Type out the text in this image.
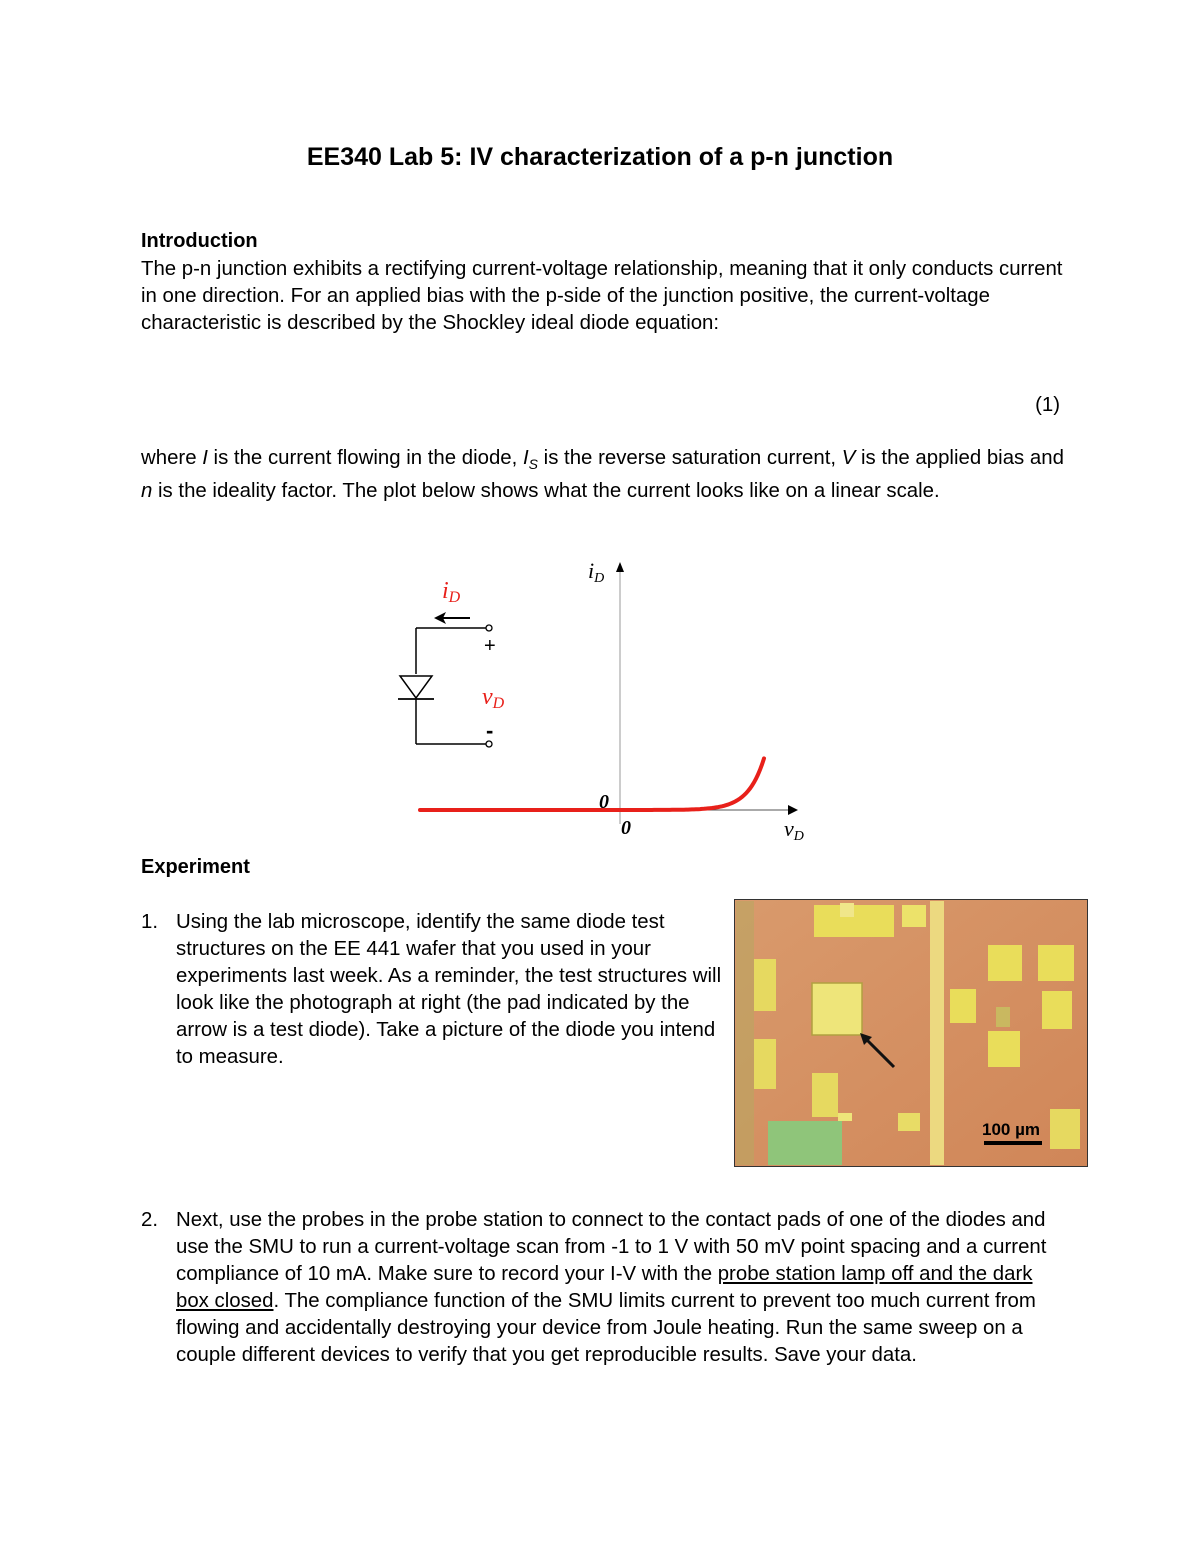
EE340 Lab 5: IV characterization of a p-n junction
Introduction

The p-n junction exhibits a rectifying current-voltage relationship, meaning that it only conducts current in one direction. For an applied bias with the p-side of the junction positive, the current-voltage characteristic is described by the Shockley ideal diode equation:

(1)

where I is the current flowing in the diode, $I_S$ is the reverse saturation current, V is the applied bias and n is the ideality factor. The plot below shows what the current looks like on a linear scale.

iD
+
vD
-
iD
vD
0
0
Experiment
1. Using the lab microscope, identify the same diode test structures on the EE 441 wafer that you used in your experiments last week. As a reminder, the test structures will look like the photograph at right (the pad indicated by the arrow is a test diode). Take a picture of the diode you intend to measure.

100 µm
2. Next, use the probes in the probe station to connect to the contact pads of one of the diodes and use the SMU to run a current-voltage scan from -1 to 1 V with 50 mV point spacing and a current compliance of 10 mA. Make sure to record your I-V with the probe station lamp off and the dark box closed. The compliance function of the SMU limits current to prevent too much current from flowing and accidentally destroying your device from Joule heating. Run the same sweep on a couple different devices to verify that you get reproducible results. Save your data.
